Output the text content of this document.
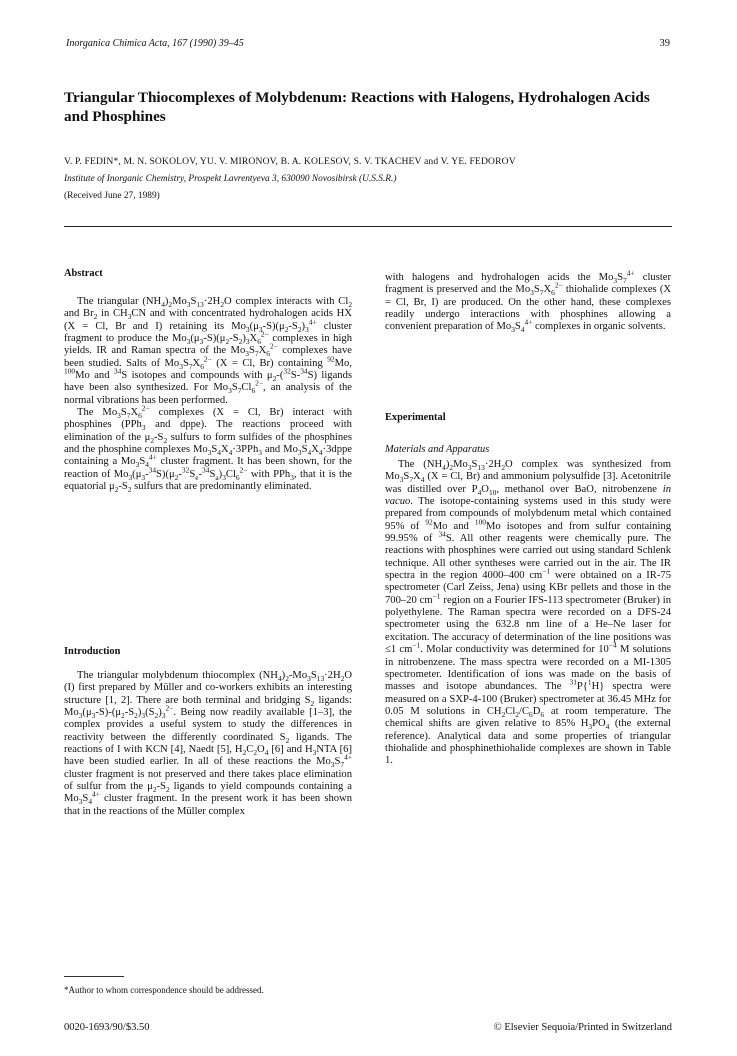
Inorganica Chimica Acta, 167 (1990) 39–45	39
Triangular Thiocomplexes of Molybdenum: Reactions with Halogens, Hydrohalogen Acids and Phosphines
V. P. FEDIN*, M. N. SOKOLOV, YU. V. MIRONOV, B. A. KOLESOV, S. V. TKACHEV and V. YE. FEDOROV
Institute of Inorganic Chemistry, Prospekt Lavrentyeva 3, 630090 Novosibirsk (U.S.S.R.)
(Received June 27, 1989)
Abstract

The triangular $(NH_4)_2Mo_3S_{13}\cdot 2H_2O$ complex interacts with $Cl_2$ and $Br_2$ in $CH_3CN$ and with concentrated hydrohalogen acids HX (X = Cl, Br and I) retaining its $Mo_3(\mu_3-S)(\mu_2-S_2)_3^{4+}$ cluster fragment to produce the $Mo_3(\mu_3-S)(\mu_2-S_2)_3X_6^{2-}$ complexes in high yields. IR and Raman spectra of the $Mo_3S_7X_6^{2-}$ complexes have been studied. Salts of $Mo_3S_7X_6^{2-}$ (X = Cl, Br) containing $^{92}$Mo, $^{100}$Mo and $^{34}$S isotopes and compounds with $\mu_2-(^{32}S-^{34}S)$ ligands have been also synthesized. For $Mo_3S_7Cl_6^{2-}$, an analysis of the normal vibrations has been performed.

The $Mo_3S_7X_6^{2-}$ complexes (X = Cl, Br) interact with phosphines (PPh$_3$ and dppe). The reactions proceed with elimination of the $\mu_2-S_2$ sulfurs to form sulfides of the phosphines and the phosphine complexes $Mo_3S_4X_4\cdot 3PPh_3$ and $Mo_3S_4X_4\cdot 3dppe$ containing a $Mo_3S_4^{4+}$ cluster fragment. It has been shown, for the reaction of $Mo_3(\mu_3-^{34}S)(\mu_2-^{32}S_e-^{34}S_a)_3Cl_6^{2-}$ with PPh$_3$, that it is the equatorial $\mu_2-S_2$ sulfurs that are predominantly eliminated.

Introduction

The triangular molybdenum thiocomplex $(NH_4)_2-Mo_3S_{13}\cdot 2H_2O$ (I) first prepared by Müller and co-workers exhibits an interesting structure [1, 2]. There are both terminal and bridging $S_2$ ligands: $Mo_3(\mu_3-S)-(\mu_2-S_2)_3(S_2)_3^{2-}$. Being now readily available [1–3], the complex provides a useful system to study the differences in reactivity between the differently coordinated $S_2$ ligands. The reactions of I with KCN [4], Naedt [5], $H_2C_2O_4$ [6] and $H_3NTA$ [6] have been studied earlier. In all of these reactions the $Mo_3S_7^{4+}$ cluster fragment is not preserved and there takes place elimination of sulfur from the $\mu_2-S_2$ ligands to yield compounds containing a $Mo_3S_4^{4+}$ cluster fragment. In the present work it has been shown that in the reactions of the Müller complex

with halogens and hydrohalogen acids the $Mo_3S_7^{4+}$ cluster fragment is preserved and the $Mo_3S_7X_6^{2-}$ thiohalide complexes (X = Cl, Br, I) are produced. On the other hand, these complexes readily undergo interactions with phosphines allowing a convenient preparation of $Mo_3S_4^{4+}$ complexes in organic solvents.

Experimental
Materials and Apparatus

The $(NH_4)_2Mo_3S_{13}\cdot 2H_2O$ complex was synthesized from $Mo_3S_7X_4$ (X = Cl, Br) and ammonium polysulfide [3]. Acetonitrile was distilled over $P_4O_{10}$, methanol over BaO, nitrobenzene in vacuo. The isotope-containing systems used in this study were prepared from compounds of molybdenum metal which contained 95% of $^{92}$Mo and $^{100}$Mo isotopes and from sulfur containing 99.95% of $^{34}$S. All other reagents were chemically pure. The reactions with phosphines were carried out using standard Schlenk technique. All other syntheses were carried out in the air. The IR spectra in the region 4000–400 $cm^{-1}$ were obtained on a IR-75 spectrometer (Carl Zeiss, Jena) using KBr pellets and those in the 700–20 $cm^{-1}$ region on a Fourier IFS-113 spectrometer (Bruker) in polyethylene. The Raman spectra were recorded on a DFS-24 spectrometer using the 632.8 nm line of a He–Ne laser for excitation. The accuracy of determination of the line positions was ≤1 $cm^{-1}$. Molar conductivity was determined for $10^{-4}$ M solutions in nitrobenzene. The mass spectra were recorded on a MI-1305 spectrometer. Identification of ions was made on the basis of masses and isotope abundances. The $^{31}$P{$^1$H} spectra were measured on a SXP-4-100 (Bruker) spectrometer at 36.45 MHz for 0.05 M solutions in $CH_2Cl_2/C_6D_6$ at room temperature. The chemical shifts are given relative to 85% $H_3PO_4$ (the external reference). Analytical data and some properties of triangular thiohalide and phosphinethiohalide complexes are shown in Table 1.

*Author to whom correspondence should be addressed.
0020-1693/90/$3.50	© Elsevier Sequoia/Printed in Switzerland
